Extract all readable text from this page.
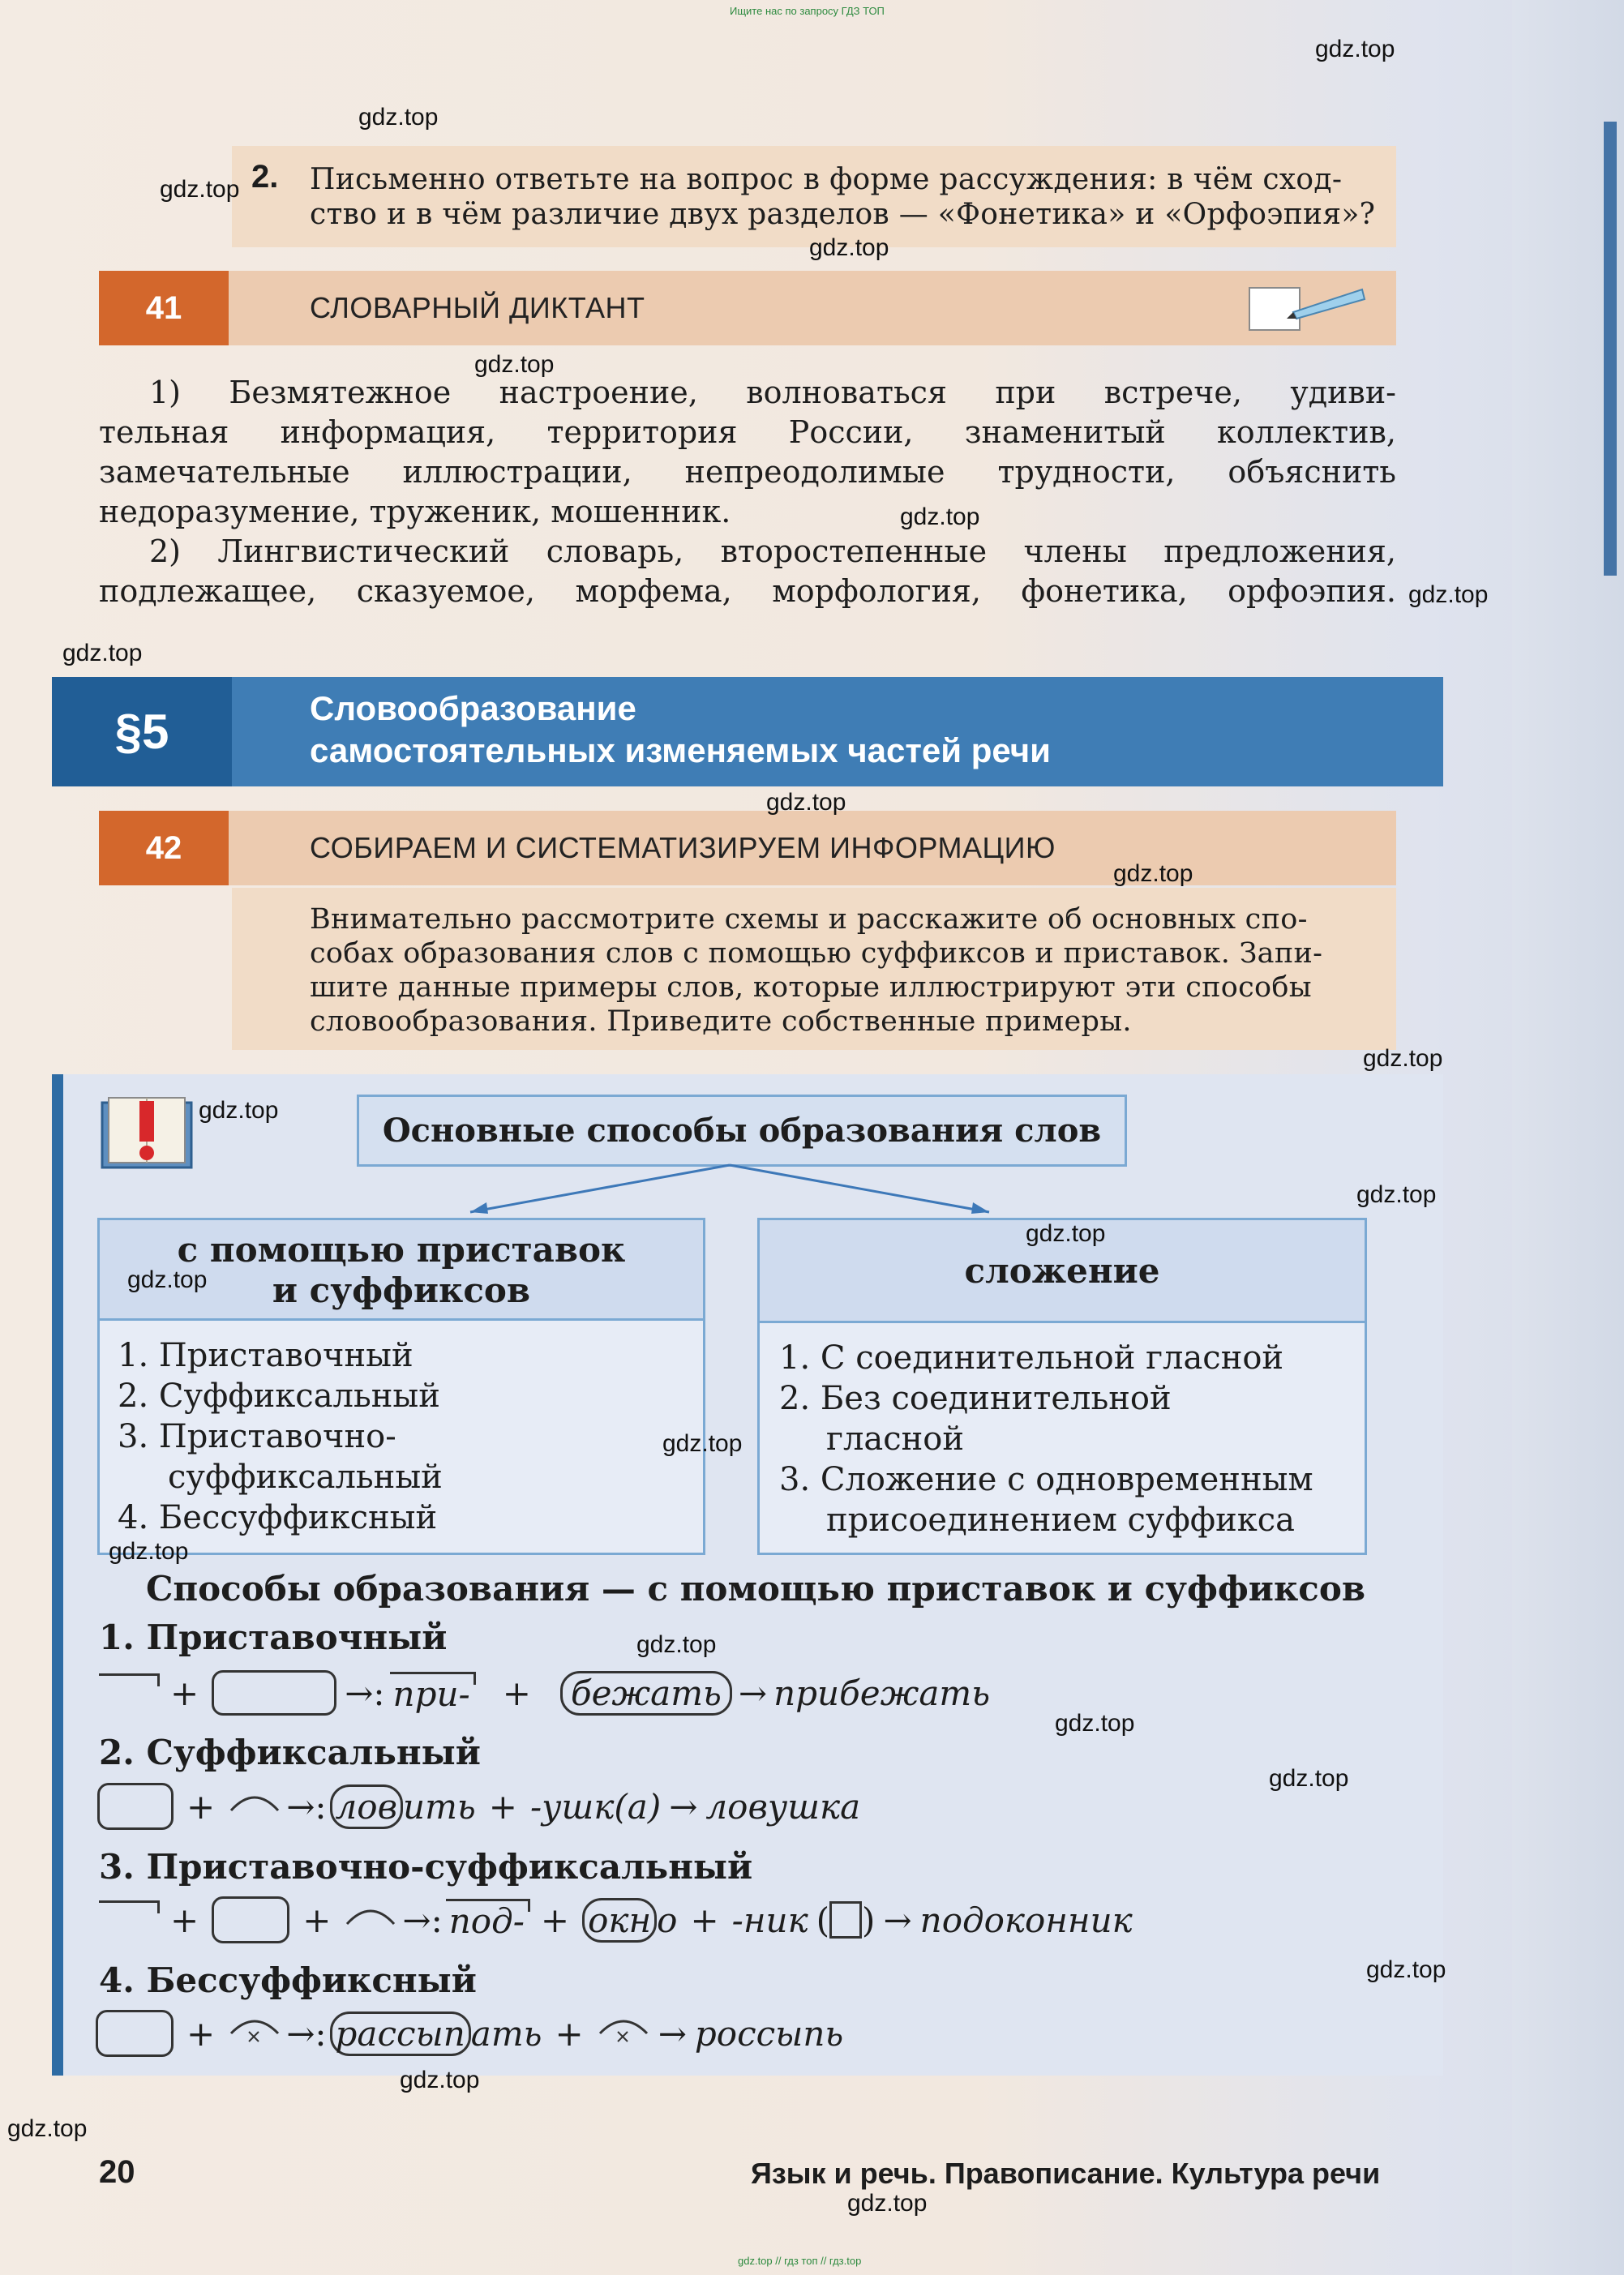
Ищите нас по запросу ГДЗ ТОП
2. Письменно ответьте на вопрос в форме рассуждения: в чём сход-
ство и в чём различие двух разделов — «Фонетика» и «Орфоэпия»?
41	СЛОВАРНЫЙ ДИКТАНТ
1) Безмятежное настроение, волноваться при встрече, удиви-
тельная информация, территория России, знаменитый коллектив,
замечательные иллюстрации, непреодолимые трудности, объяснить
недоразумение, труженик, мошенник.
2) Лингвистический словарь, второстепенные члены предложения,
подлежащее, сказуемое, морфема, морфология, фонетика, орфоэпия.
§5	Словообразование
самостоятельных изменяемых частей речи
42	СОБИРАЕМ И СИСТЕМАТИЗИРУЕМ ИНФОРМАЦИЮ
Внимательно рассмотрите схемы и расскажите об основных спо-
собах образования слов с помощью суффиксов и приставок. Запи-
шите данные примеры слов, которые иллюстрируют эти способы
словообразования. Приведите собственные примеры.
Основные способы образования слов
с помощью приставок
и суффиксов
1. Приставочный
2. Суффиксальный
3. Приставочно-
суффиксальный
4. Бессуффиксный
сложение
1. С соединительной гласной
2. Без соединительной
гласной
3. Сложение с одновременным
присоединением суффикса
Способы образования — с помощью приставок и суффиксов
1. Приставочный
+	→: при- +	бежать → прибежать
2. Суффиксальный
+ →: лов ить + -ушк (а) → ловушка
3. Приставочно-суффиксальный
+	+ →: под- + окн о + -ник ( ) → подоконник
4. Бессуффиксный
+ →: рассып ать + → россыпь
20	Язык и речь. Правописание. Культура речи
gdz.top
gdz.top
gdz.top
gdz.top
gdz.top
gdz.top
gdz.top
gdz.top
gdz.top
gdz.top
gdz.top
gdz.top
gdz.top
gdz.top
gdz.top
gdz.top
gdz.top
gdz.top
gdz.top
gdz.top
gdz.top
gdz.top
gdz.top
gdz.top
gdz.top // гдз топ // гдз.top
